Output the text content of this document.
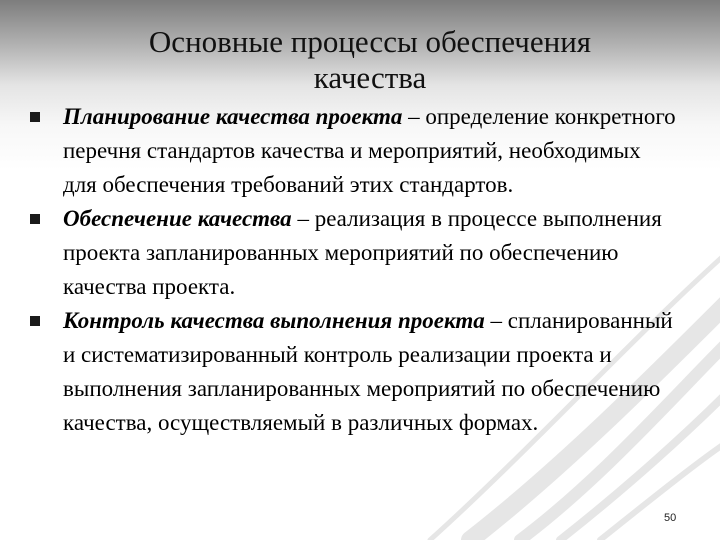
Основные процессы обеспечения
качества
Планирование качества проекта – определение конкретного перечня стандартов качества и мероприятий, необходимых для обеспечения требований этих стандартов.
Обеспечение качества – реализация в процессе выполнения проекта запланированных мероприятий по обеспечению качества проекта.
Контроль качества выполнения проекта – спланированный и систематизированный контроль реализации проекта и выполнения запланированных мероприятий по обеспечению качества, осуществляемый в различных формах.
50
